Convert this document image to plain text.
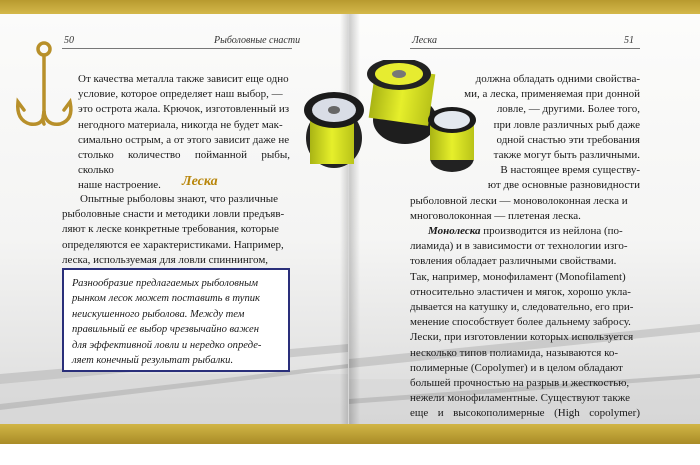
50	Рыболовные снасти

От качества металла также зависит еще одно

условие, которое определяет наш выбор, —

это острота жала. Крючок, изготовленный из

негодного материала, никогда не будет мак-

симально острым, а от этого зависит даже не

столько количество пойманной рыбы, сколько

наше настроение.	Леска

Опытные рыболовы знают, что различные

рыболовные снасти и методики ловли предъяв-

ляют к леске конкретные требования, которые

определяются ее характеристиками. Например,

леска, используемая для ловли спиннингом,

Разнообразие предлагаемых рыболовным
рынком лесок может поставить в тупик
неискушенного рыболова. Между тем
правильный ее выбор чрезвычайно важен
для эффективной ловли и нередко опреде-
ляет конечный результат рыбалки.
Леска	51

должна обладать одними свойства-

ми, а леска, применяемая при донной

ловле, — другими. Более того,

при ловле различных рыб даже

одной снастью эти требования

также могут быть различными.

В настоящее время существу-

ют две основные разновидности

рыболовной лески — моноволоконная леска и

многоволоконная — плетеная леска.

Монолеска производится из нейлона (по-

лиамида) и в зависимости от технологии изго-

товления обладает различными свойствами.

Так, например, монофиламент (Monofilament)

относительно эластичен и мягок, хорошо укла-

дывается на катушку и, следовательно, его при-

менение способствует более дальнему забросу.

Лески, при изготовлении которых используется

несколько типов полиамида, называются ко-

полимерные (Copolymer) и в целом обладают

большей прочностью на разрыв и жесткостью,

нежели монофиламентные. Существуют также

еще и высокополимерные (High copolymer)
